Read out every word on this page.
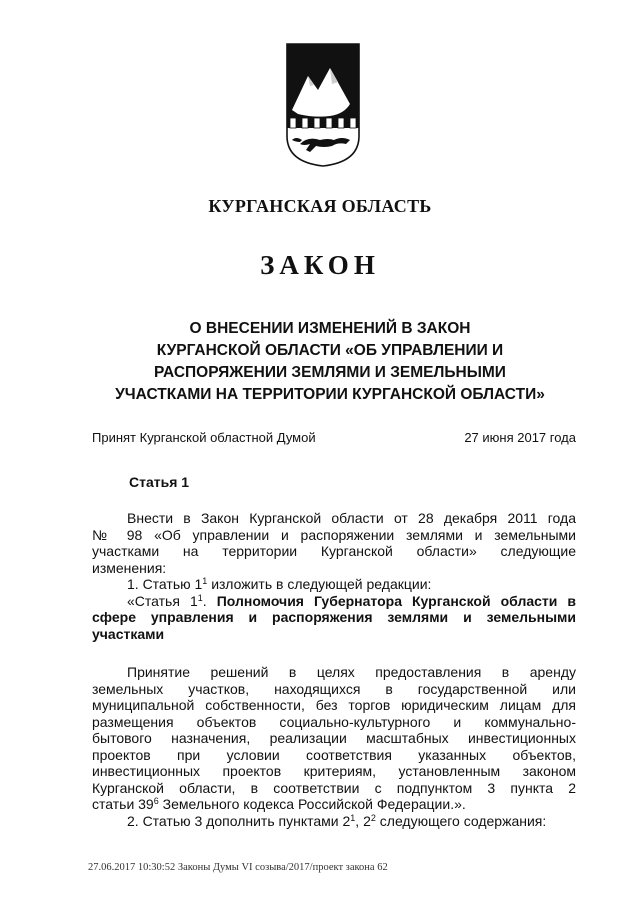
КУРГАНСКАЯ ОБЛАСТЬ
ЗАКОН
О ВНЕСЕНИИ ИЗМЕНЕНИЙ В ЗАКОН
КУРГАНСКОЙ ОБЛАСТИ «ОБ УПРАВЛЕНИИ И
РАСПОРЯЖЕНИИ ЗЕМЛЯМИ И ЗЕМЕЛЬНЫМИ
УЧАСТКАМИ НА ТЕРРИТОРИИ КУРГАНСКОЙ ОБЛАСТИ»
Принят Курганской областной Думой	27 июня 2017 года
Статья 1
Внести в Закон Курганской области от 28 декабря 2011 года
№ 98 «Об управлении и распоряжении землями и земельными
участками на территории Курганской области» следующие
изменения:
1. Статью $1^1$ изложить в следующей редакции:
«Статья $1^1$. Полномочия Губернатора Курганской области в
сфере управления и распоряжения землями и земельными
участками
Принятие решений в целях предоставления в аренду
земельных участков, находящихся в государственной или
муниципальной собственности, без торгов юридическим лицам для
размещения объектов социально-культурного и коммунально-
бытового назначения, реализации масштабных инвестиционных
проектов при условии соответствия указанных объектов,
инвестиционных проектов критериям, установленным законом
Курганской области, в соответствии с подпунктом 3 пункта 2
статьи $39^6$ Земельного кодекса Российской Федерации.».
2. Статью 3 дополнить пунктами $2^1$, $2^2$ следующего содержания:
27.06.2017 10:30:52 Законы Думы VI созыва/2017/проект закона 62
